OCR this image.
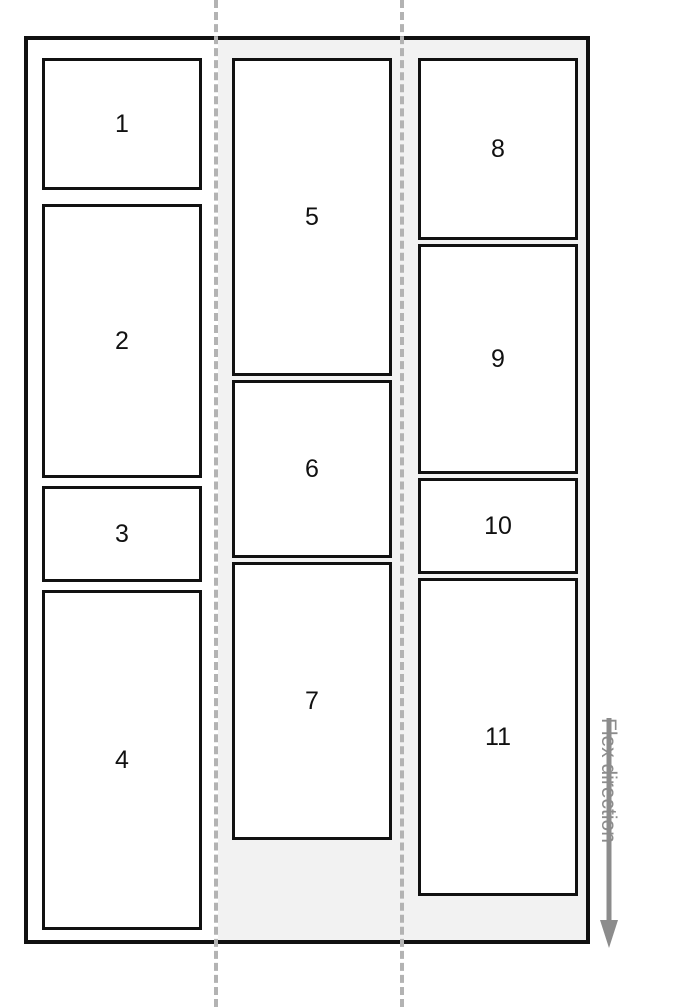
1
2
3
4
5
6
7
8
9
10
11	Flex direction
